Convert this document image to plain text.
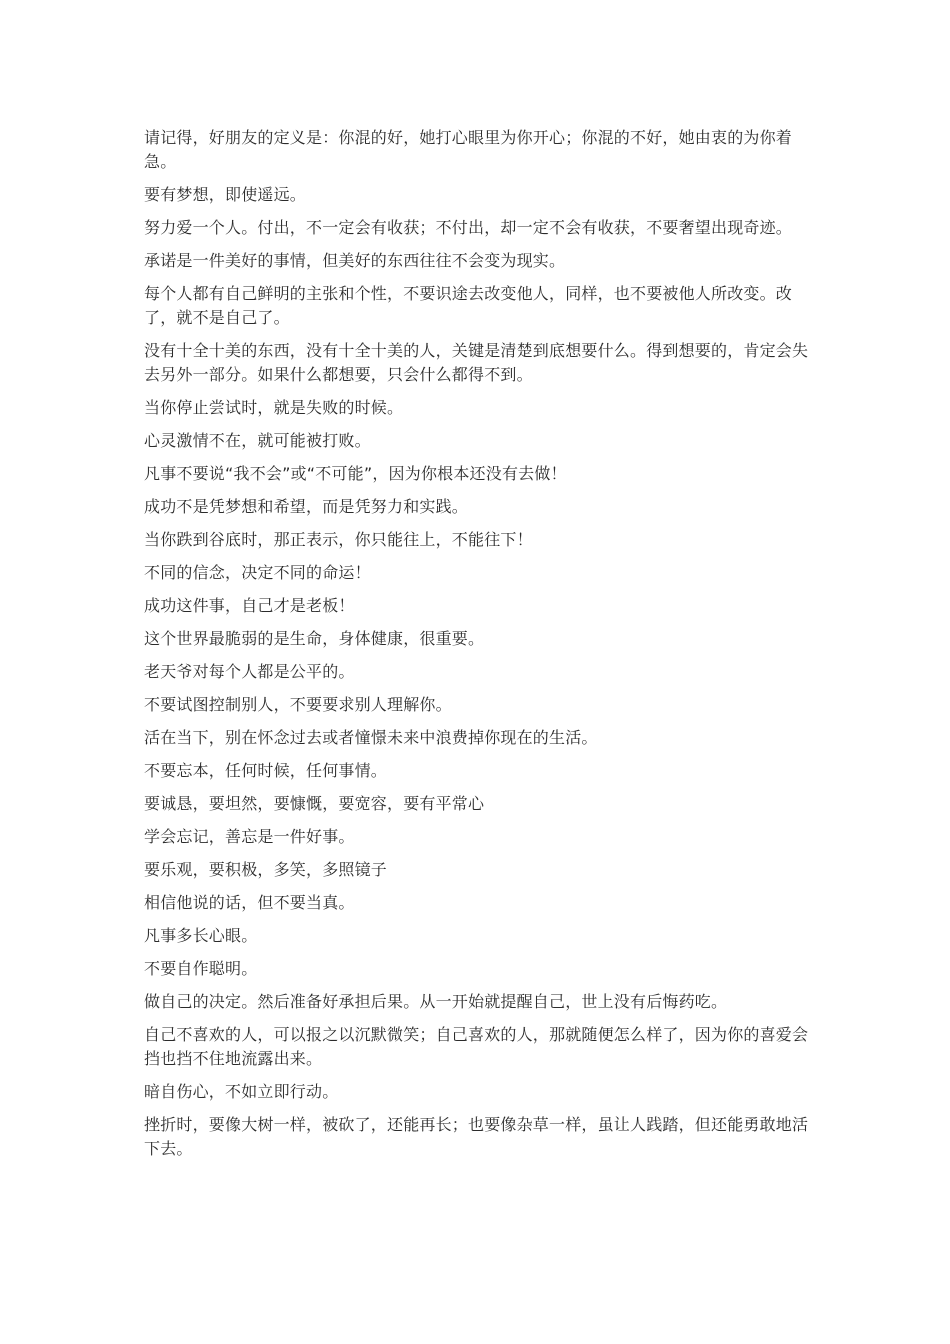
请记得，好朋友的定义是：你混的好，她打心眼里为你开心；你混的不好，她由衷的为你着急。

要有梦想，即使遥远。

努力爱一个人。付出，不一定会有收获；不付出，却一定不会有收获，不要奢望出现奇迹。

承诺是一件美好的事情，但美好的东西往往不会变为现实。

每个人都有自己鲜明的主张和个性，不要识途去改变他人，同样，也不要被他人所改变。改了，就不是自己了。

没有十全十美的东西，没有十全十美的人，关键是清楚到底想要什么。得到想要的，肯定会失去另外一部分。如果什么都想要，只会什么都得不到。

当你停止尝试时，就是失败的时候。

心灵激情不在，就可能被打败。

凡事不要说“我不会”或“不可能”，因为你根本还没有去做！

成功不是凭梦想和希望，而是凭努力和实践。

当你跌到谷底时，那正表示，你只能往上，不能往下！

不同的信念，决定不同的命运！

成功这件事，自己才是老板！

这个世界最脆弱的是生命，身体健康，很重要。

老天爷对每个人都是公平的。

不要试图控制别人，不要要求别人理解你。

活在当下，别在怀念过去或者憧憬未来中浪费掉你现在的生活。

不要忘本，任何时候，任何事情。

要诚恳，要坦然，要慷慨，要宽容，要有平常心

学会忘记，善忘是一件好事。

要乐观，要积极，多笑，多照镜子

相信他说的话，但不要当真。

凡事多长心眼。

不要自作聪明。

做自己的决定。然后准备好承担后果。从一开始就提醒自己，世上没有后悔药吃。

自己不喜欢的人，可以报之以沉默微笑；自己喜欢的人，那就随便怎么样了，因为你的喜爱会挡也挡不住地流露出来。

暗自伤心，不如立即行动。

挫折时，要像大树一样，被砍了，还能再长；也要像杂草一样，虽让人践踏，但还能勇敢地活下去。
